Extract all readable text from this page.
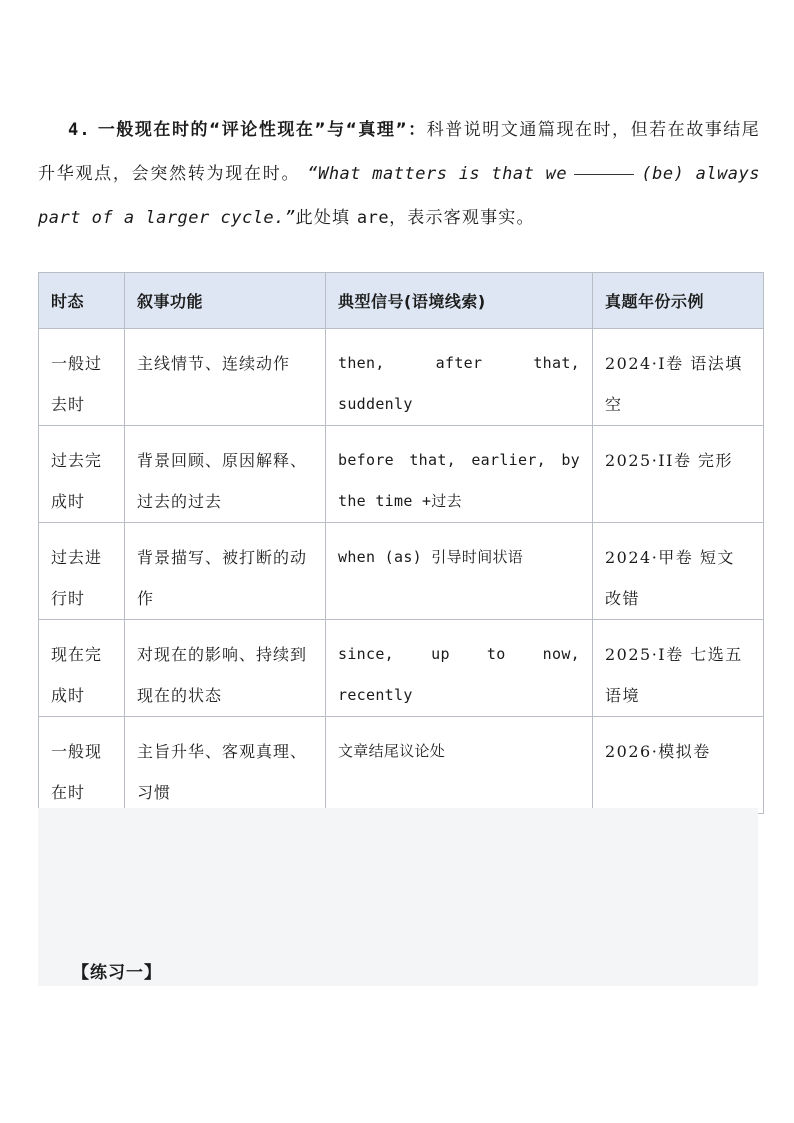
4. 一般现在时的“评论性现在”与“真理”：科普说明文通篇现在时，但若在故事结尾升华观点，会突然转为现在时。 “What matters is that we	(be) always part of a larger cycle.”此处填 are，表示客观事实。
时态	叙事功能	典型信号(语境线索)	真题年份示例
一般过去时	主线情节、连续动作	then, after that, suddenly	2024·I卷 语法填空
过去完成时	背景回顾、原因解释、过去的过去	before that, earlier, by the time +过去	2025·II卷 完形
过去进行时	背景描写、被打断的动作	when (as) 引导时间状语	2024·甲卷 短文改错
现在完成时	对现在的影响、持续到现在的状态	since, up to now, recently	2025·I卷 七选五语境
一般现在时	主旨升华、客观真理、习惯	文章结尾议论处	2026·模拟卷
【练习一】
